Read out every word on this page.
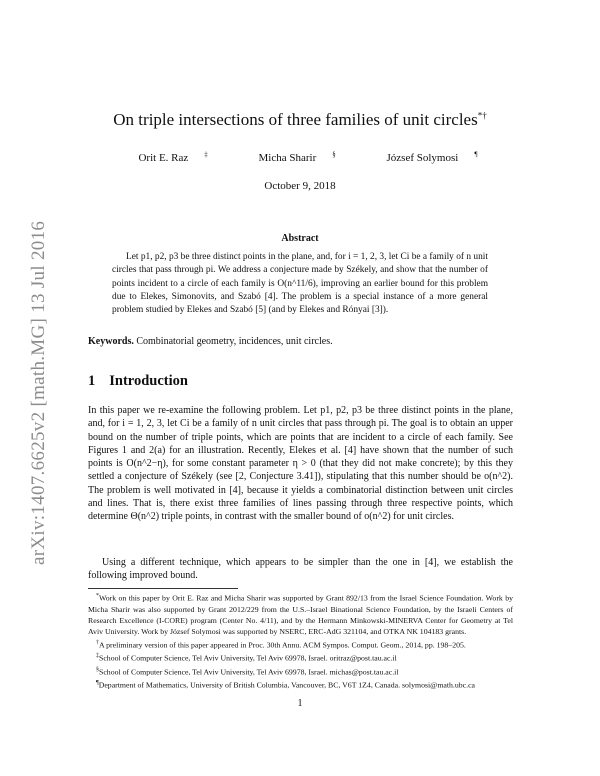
arXiv:1407.6625v2 [math.MG] 13 Jul 2016
On triple intersections of three families of unit circles*†
Orit E. Raz ‡	Micha Sharir §	József Solymosi ¶
October 9, 2018
Abstract

Let p1, p2, p3 be three distinct points in the plane, and, for i = 1, 2, 3, let Ci be a family of n unit circles that pass through pi. We address a conjecture made by Székely, and show that the number of points incident to a circle of each family is O(n^11/6), improving an earlier bound for this problem due to Elekes, Simonovits, and Szabó [4]. The problem is a special instance of a more general problem studied by Elekes and Szabó [5] (and by Elekes and Rónyai [3]).

Keywords. Combinatorial geometry, incidences, unit circles.
1 Introduction

In this paper we re-examine the following problem. Let p1, p2, p3 be three distinct points in the plane, and, for i = 1, 2, 3, let Ci be a family of n unit circles that pass through pi. The goal is to obtain an upper bound on the number of triple points, which are points that are incident to a circle of each family. See Figures 1 and 2(a) for an illustration. Recently, Elekes et al. [4] have shown that the number of such points is O(n^2−η), for some constant parameter η > 0 (that they did not make concrete); by this they settled a conjecture of Székely (see [2, Conjecture 3.41]), stipulating that this number should be o(n^2). The problem is well motivated in [4], because it yields a combinatorial distinction between unit circles and lines. That is, there exist three families of lines passing through three respective points, which determine Θ(n^2) triple points, in contrast with the smaller bound of o(n^2) for unit circles.

Using a different technique, which appears to be simpler than the one in [4], we establish the following improved bound.

*Work on this paper by Orit E. Raz and Micha Sharir was supported by Grant 892/13 from the Israel Science Foundation. Work by Micha Sharir was also supported by Grant 2012/229 from the U.S.–Israel Binational Science Foundation, by the Israeli Centers of Research Excellence (I-CORE) program (Center No. 4/11), and by the Hermann Minkowski-MINERVA Center for Geometry at Tel Aviv University. Work by József Solymosi was supported by NSERC, ERC-AdG 321104, and OTKA NK 104183 grants.

†A preliminary version of this paper appeared in Proc. 30th Annu. ACM Sympos. Comput. Geom., 2014, pp. 198–205.

‡School of Computer Science, Tel Aviv University, Tel Aviv 69978, Israel. oritraz@post.tau.ac.il

§School of Computer Science, Tel Aviv University, Tel Aviv 69978, Israel. michas@post.tau.ac.il

¶Department of Mathematics, University of British Columbia, Vancouver, BC, V6T 1Z4, Canada. solymosi@math.ubc.ca

1
